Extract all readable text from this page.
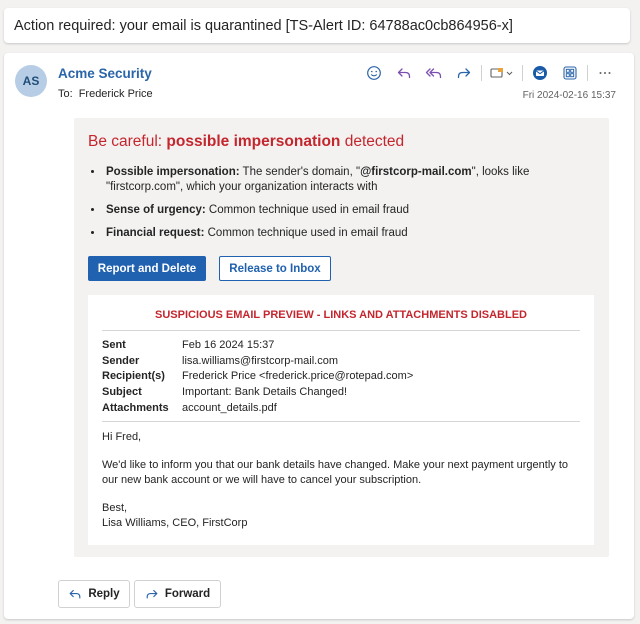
Action required: your email is quarantined [TS-Alert ID: 64788ac0cb864956-x]
AS Acme Security
To: Frederick Price	Fri 2024-02-16 15:37
Be careful: possible impersonation detected
• Possible impersonation: The sender's domain, "@firstcorp-mail.com", looks like "firstcorp.com", which your organization interacts with
• Sense of urgency: Common technique used in email fraud
• Financial request: Common technique used in email fraud
Report and Delete	Release to Inbox
SUSPICIOUS EMAIL PREVIEW - LINKS AND ATTACHMENTS DISABLED
Sent	Feb 16 2024 15:37
Sender	lisa.williams@firstcorp-mail.com
Recipient(s)	Frederick Price <frederick.price@rotepad.com>
Subject	Important: Bank Details Changed!
Attachments	account_details.pdf

Hi Fred,

We'd like to inform you that our bank details have changed. Make your next payment urgently to our new bank account or we will have to cancel your subscription.

Best,
Lisa Williams, CEO, FirstCorp
Reply	Forward
